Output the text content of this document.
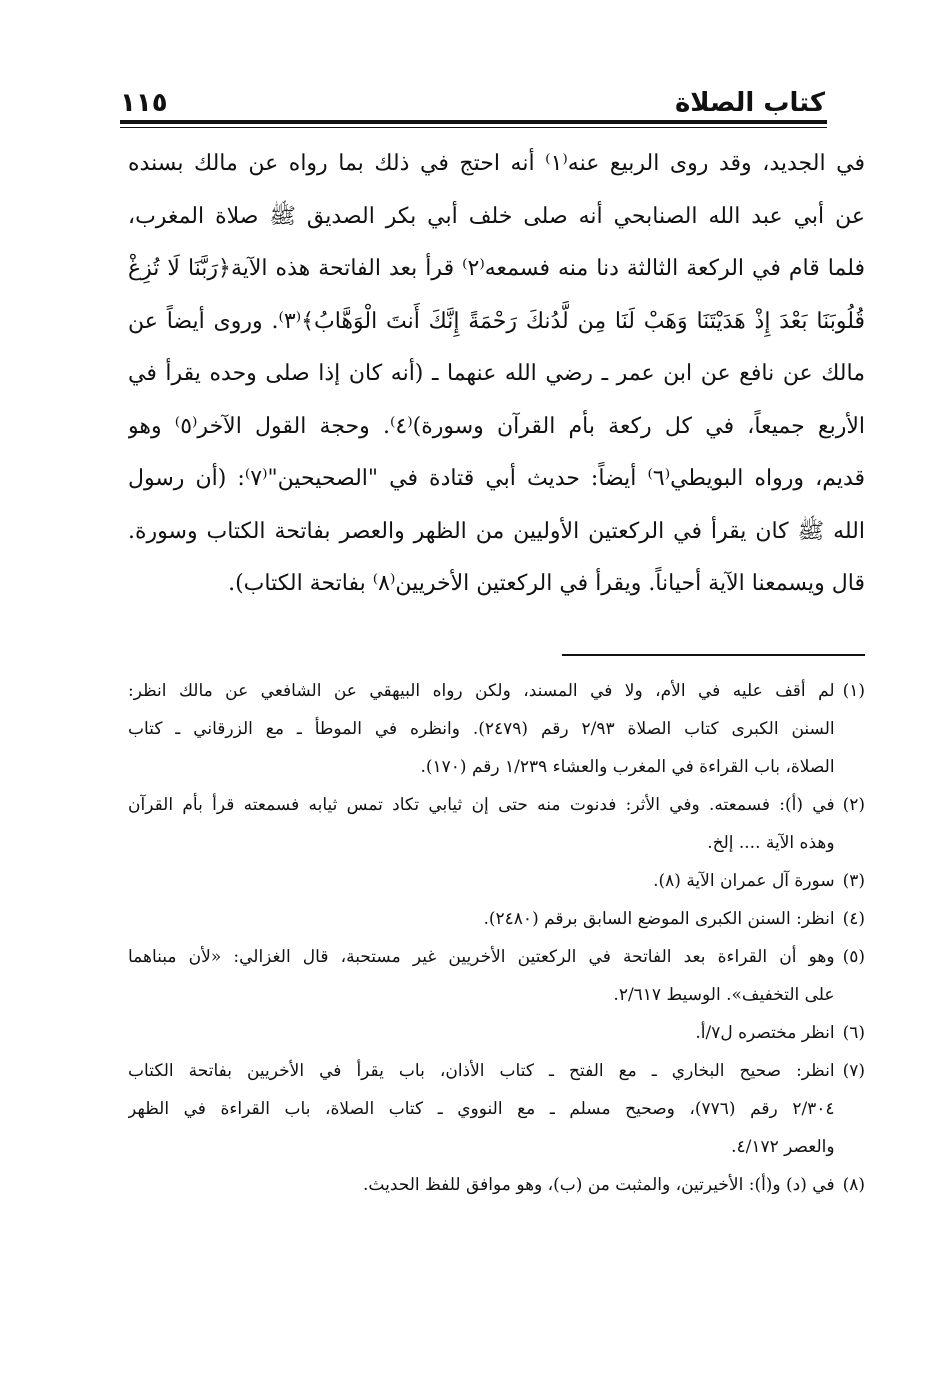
كتاب الصلاة
١١٥
في الجديد، وقد روى الربيع عنه⁽١⁾ أنه احتج في ذلك بما رواه عن مالك بسنده
عن أبي عبد الله الصنابحي أنه صلى خلف أبي بكر الصديق ﷺ صلاة المغرب،
فلما قام في الركعة الثالثة دنا منه فسمعه⁽٢⁾ قرأ بعد الفاتحة هذه الآية﴿رَبَّنَا لَا تُزِغْ
قُلُوبَنَا بَعْدَ إِذْ هَدَيْتَنَا وَهَبْ لَنَا مِن لَّدُنكَ رَحْمَةً إِنَّكَ أَنتَ الْوَهَّابُ﴾⁽٣⁾. وروى أيضاً عن
مالك عن نافع عن ابن عمر ـ رضي الله عنهما ـ (أنه كان إذا صلى وحده يقرأ في
الأربع جميعاً، في كل ركعة بأم القرآن وسورة)⁽٤⁾. وحجة القول الآخر⁽٥⁾ وهو
قديم، ورواه البويطي⁽٦⁾ أيضاً: حديث أبي قتادة في "الصحيحين"⁽٧⁾: (أن رسول
الله ﷺ كان يقرأ في الركعتين الأوليين من الظهر والعصر بفاتحة الكتاب وسورة.
قال ويسمعنا الآية أحياناً. ويقرأ في الركعتين الأخريين⁽٨⁾ بفاتحة الكتاب).
(١)
لم أقف عليه في الأم، ولا في المسند، ولكن رواه البيهقي عن الشافعي عن مالك انظر:
السنن الكبرى كتاب الصلاة ٢/٩٣ رقم (٢٤٧٩). وانظره في الموطأ ـ مع الزرقاني ـ كتاب
الصلاة، باب القراءة في المغرب والعشاء ١/٢٣٩ رقم (١٧٠).
(٢)
في (أ): فسمعته. وفي الأثر: فدنوت منه حتى إن ثيابي تكاد تمس ثيابه فسمعته قرأ بأم القرآن
وهذه الآية .... إلخ.
(٣)
سورة آل عمران الآية (٨).
(٤)
انظر: السنن الكبرى الموضع السابق برقم (٢٤٨٠).
(٥)
وهو أن القراءة بعد الفاتحة في الركعتين الأخريين غير مستحبة، قال الغزالي: «لأن مبناهما
على التخفيف». الوسيط ٢/٦١٧.
(٦)
انظر مختصره ل٧/أ.
(٧)
انظر: صحيح البخاري ـ مع الفتح ـ كتاب الأذان، باب يقرأ في الأخريين بفاتحة الكتاب
٢/٣٠٤ رقم (٧٧٦)، وصحيح مسلم ـ مع النووي ـ كتاب الصلاة، باب القراءة في الظهر
والعصر ٤/١٧٢.
(٨)
في (د) و(أ): الأخيرتين، والمثبت من (ب)، وهو موافق للفظ الحديث.
